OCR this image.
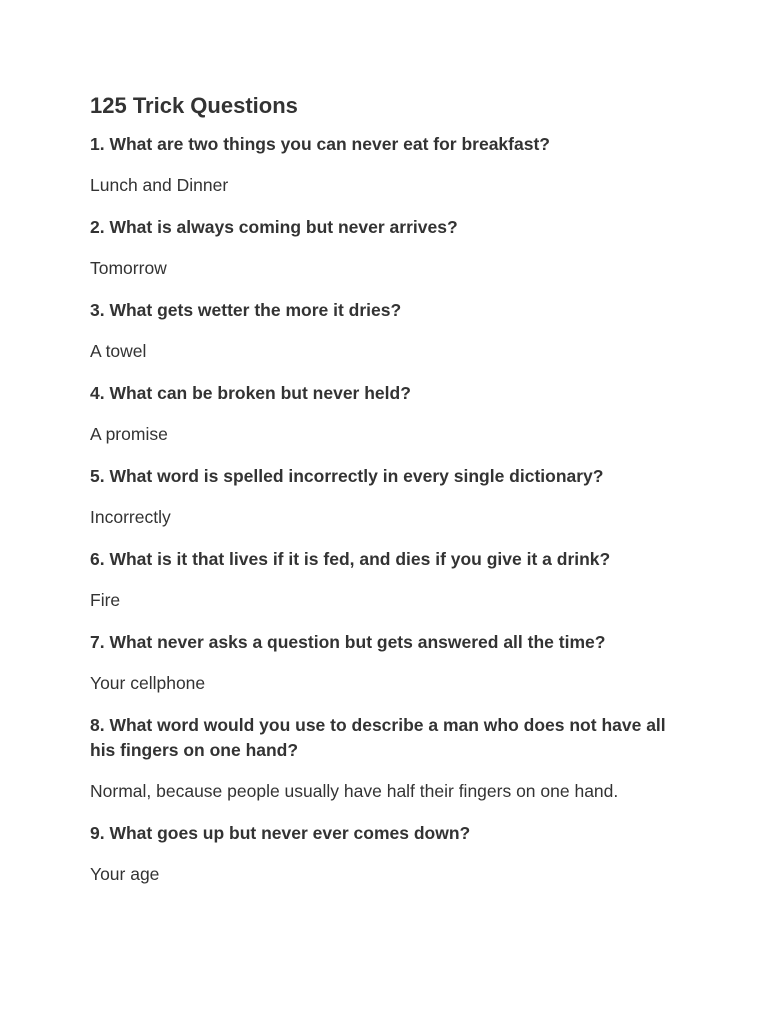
125 Trick Questions

1. What are two things you can never eat for breakfast?

Lunch and Dinner

2. What is always coming but never arrives?

Tomorrow

3. What gets wetter the more it dries?

A towel

4. What can be broken but never held?

A promise

5. What word is spelled incorrectly in every single dictionary?

Incorrectly

6. What is it that lives if it is fed, and dies if you give it a drink?

Fire

7. What never asks a question but gets answered all the time?

Your cellphone

8. What word would you use to describe a man who does not have all his fingers on one hand?

Normal, because people usually have half their fingers on one hand.

9. What goes up but never ever comes down?

Your age
